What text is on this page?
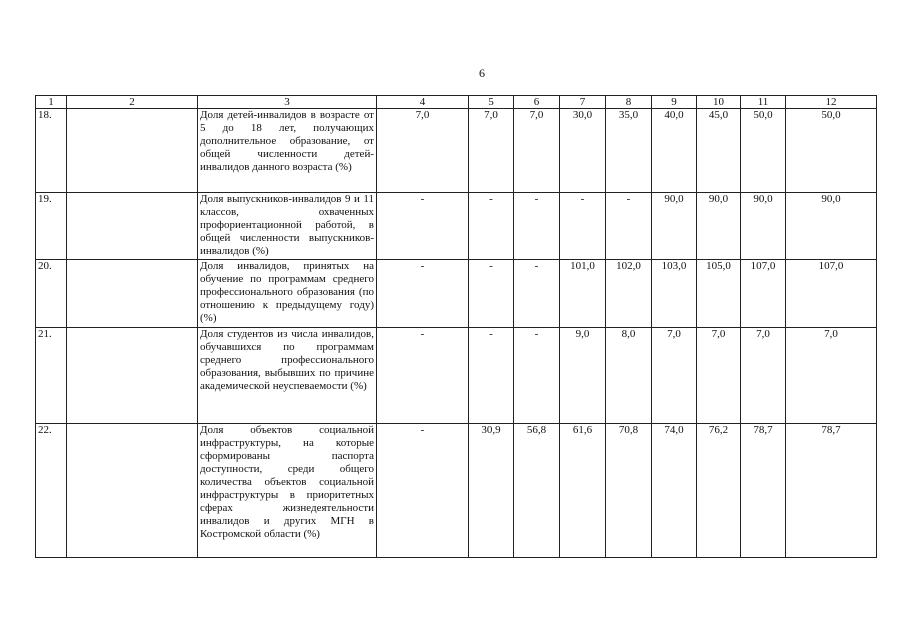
6
1	2	3	4	5	6	7	8	9	10	11	12
18.		Доля детей-инвалидов в возрасте от 5 до 18 лет, получающих дополнительное образование, от общей численности детей-инвалидов данного возраста (%)	7,0	7,0	7,0	30,0	35,0	40,0	45,0	50,0	50,0
19.		Доля выпускников-инвалидов 9 и 11 классов, охваченных профориентационной работой, в общей численности выпускников-инвалидов (%)	-	-	-	-	-	90,0	90,0	90,0	90,0
20.		Доля инвалидов, принятых на обучение по программам среднего профессионального образования (по отношению к предыдущему году) (%)	-	-	-	101,0	102,0	103,0	105,0	107,0	107,0
21.		Доля студентов из числа инвалидов, обучавшихся по программам среднего профессионального образования, выбывших по причине академической неуспеваемости (%)	-	-	-	9,0	8,0	7,0	7,0	7,0	7,0
22.		Доля объектов социальной инфраструктуры, на которые сформированы паспорта доступности, среди общего количества объектов социальной инфраструктуры в приоритетных сферах жизнедеятельности инвалидов и других МГН в Костромской области (%)	-	30,9	56,8	61,6	70,8	74,0	76,2	78,7	78,7
